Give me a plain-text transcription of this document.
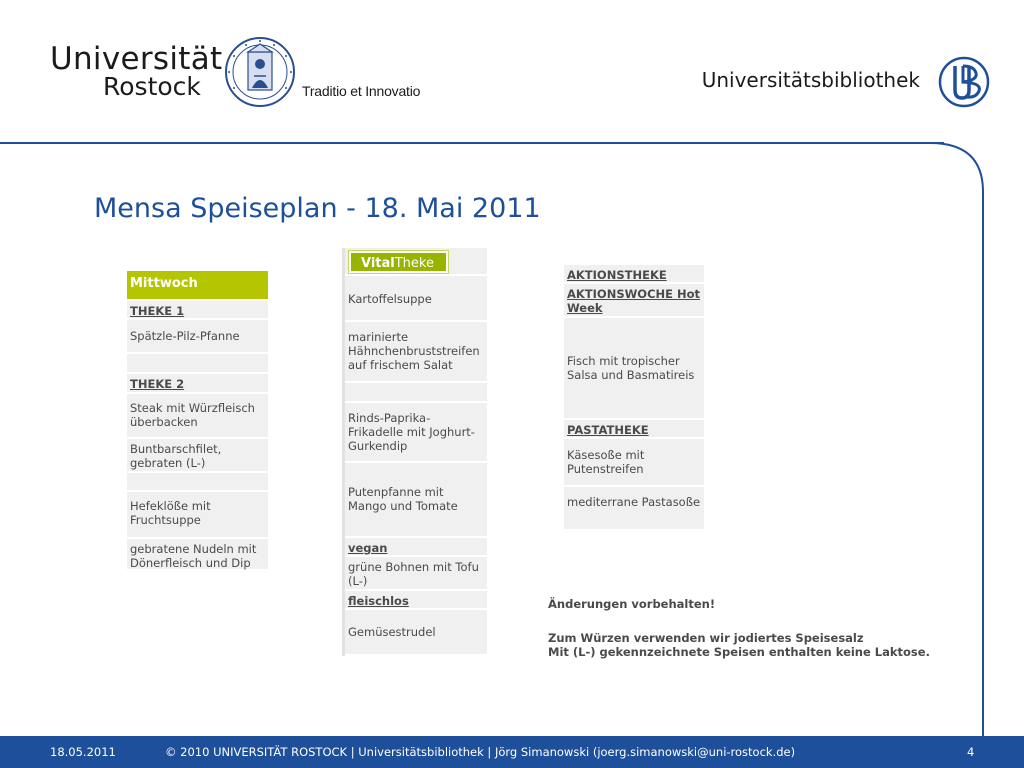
Universität
Rostock	Traditio et Innovatio	Universitätsbibliothek
Mensa Speiseplan - 18. Mai 2011
Mittwoch
THEKE 1
Spätzle-Pilz-Pfanne
THEKE 2
Steak mit Würzfleisch überbacken
Buntbarschfilet, gebraten (L-)
Hefeklöße mit Fruchtsuppe
gebratene Nudeln mit Dönerfleisch und Dip
VitalTheke
Kartoffelsuppe
marinierte Hähnchenbruststreifen auf frischem Salat
Rinds-Paprika-Frikadelle mit Joghurt-Gurkendip
Putenpfanne mit Mango und Tomate
vegan
grüne Bohnen mit Tofu (L-)
fleischlos
Gemüsestrudel
AKTIONSTHEKE
AKTIONSWOCHE Hot Week
Fisch mit tropischer Salsa und Basmatireis
PASTATHEKE
Käsesoße mit Putenstreifen
mediterrane Pastasoße
Änderungen vorbehalten!
Zum Würzen verwenden wir jodiertes Speisesalz
Mit (L-) gekennzeichnete Speisen enthalten keine Laktose.
18.05.2011	© 2010 UNIVERSITÄT ROSTOCK | Universitätsbibliothek | Jörg Simanowski (joerg.simanowski@uni-rostock.de)	4
